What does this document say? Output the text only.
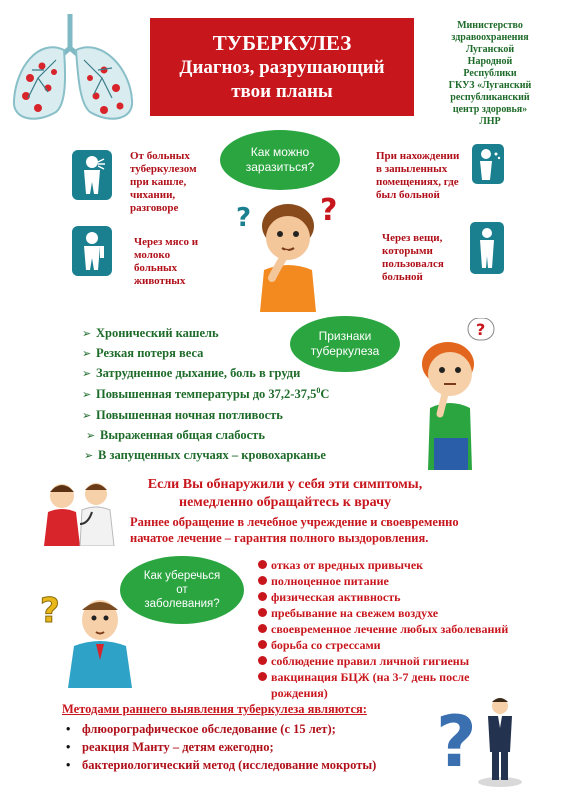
ТУБЕРКУЛЕЗ
Диагноз, разрушающий
твои планы
Министерство
здравоохранения
Луганской
Народной
Республики
ГКУЗ «Луганский
республиканский
центр здоровья»
ЛНР
От больных
туберкулезом
при кашле,
чихании,
разговоре
Через мясо и
молоко
больных
животных
Как можно
заразиться?
? ?
При нахождении
в запыленных
помещениях, где
был больной
Через вещи,
которыми
пользовался
больной
Признаки
туберкулеза
?
➢ Хронический кашель
➢ Резкая потеря веса
➢ Затрудненное дыхание, боль в груди
➢ Повышенная температуры до 37,2-37,5$^0$С
➢ Повышенная ночная потливость
➢ Выраженная общая слабость
➢ В запущенных случаях – кровохарканье
Если Вы обнаружили у себя эти симптомы,
немедленно обращайтесь к врачу
Раннее обращение в лечебное учреждение и своевременно
начатое лечение – гарантия полного выздоровления.
Как уберечься
от
заболевания?
?
отказ от вредных привычек
полноценное питание
физическая активность
пребывание на свежем воздухе
своевременное лечение любых заболеваний
борьба со стрессами
соблюдение правил личной гигиены
вакцинация БЦЖ (на 3-7 день после
рождения)
Методами раннего выявления туберкулеза являются:
• флюорографическое обследование (с 15 лет);
• реакция Манту – детям ежегодно;
• бактериологический метод (исследование мокроты) ?
